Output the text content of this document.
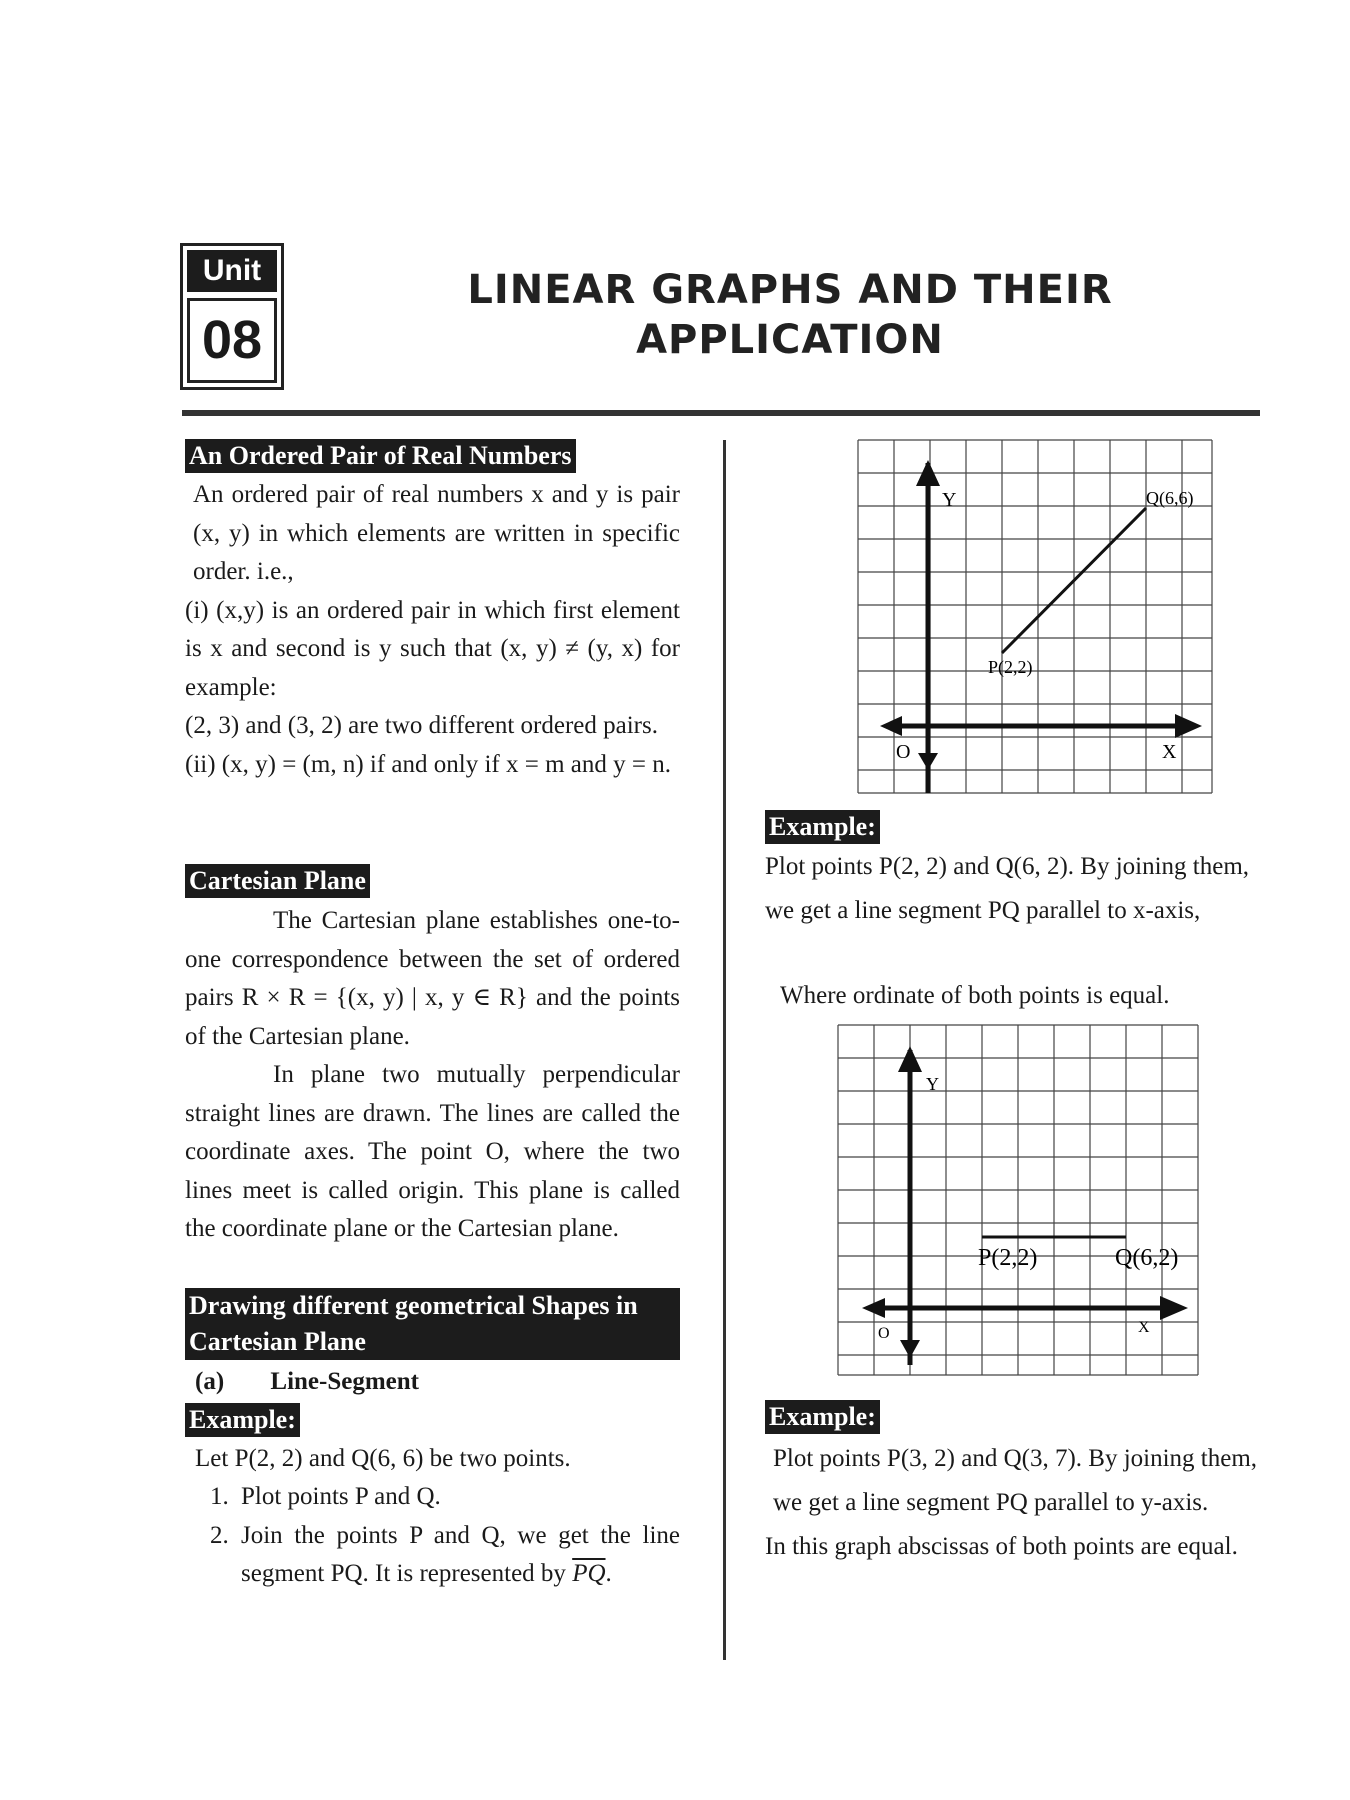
Unit
08
LINEAR GRAPHS AND THEIR
APPLICATION
An Ordered Pair of Real Numbers
An ordered pair of real numbers x and y is pair (x, y) in which elements are written in specific order. i.e.,
(i) (x,y) is an ordered pair in which first element is x and second is y such that (x, y) ≠ (y, x) for example:
(2, 3) and (3, 2) are two different ordered pairs.
(ii) (x, y) = (m, n) if and only if x = m and y = n.
Cartesian Plane
The Cartesian plane establishes one-to-one correspondence between the set of ordered pairs R × R = {(x, y) | x, y ∈ R} and the points of the Cartesian plane.
In plane two mutually perpendicular straight lines are drawn. The lines are called the coordinate axes. The point O, where the two lines meet is called origin. This plane is called the coordinate plane or the Cartesian plane.
Drawing different geometrical Shapes in Cartesian Plane
(a) Line-Segment
Example:
Let P(2, 2) and Q(6, 6) be two points.
1. Plot points P and Q.
2. Join the points P and Q, we get the line segment PQ. It is represented by $\overline{PQ}$.
Y
X
O
P(2,2)
Q(6,6)
Example:
Plot points P(2, 2) and Q(6, 2). By joining them, we get a line segment PQ parallel to x-axis,
Where ordinate of both points is equal.
Y
X
O
P(2,2)	Q(6,2)
Example:
Plot points P(3, 2) and Q(3, 7). By joining them, we get a line segment PQ parallel to y-axis.
In this graph abscissas of both points are equal.
